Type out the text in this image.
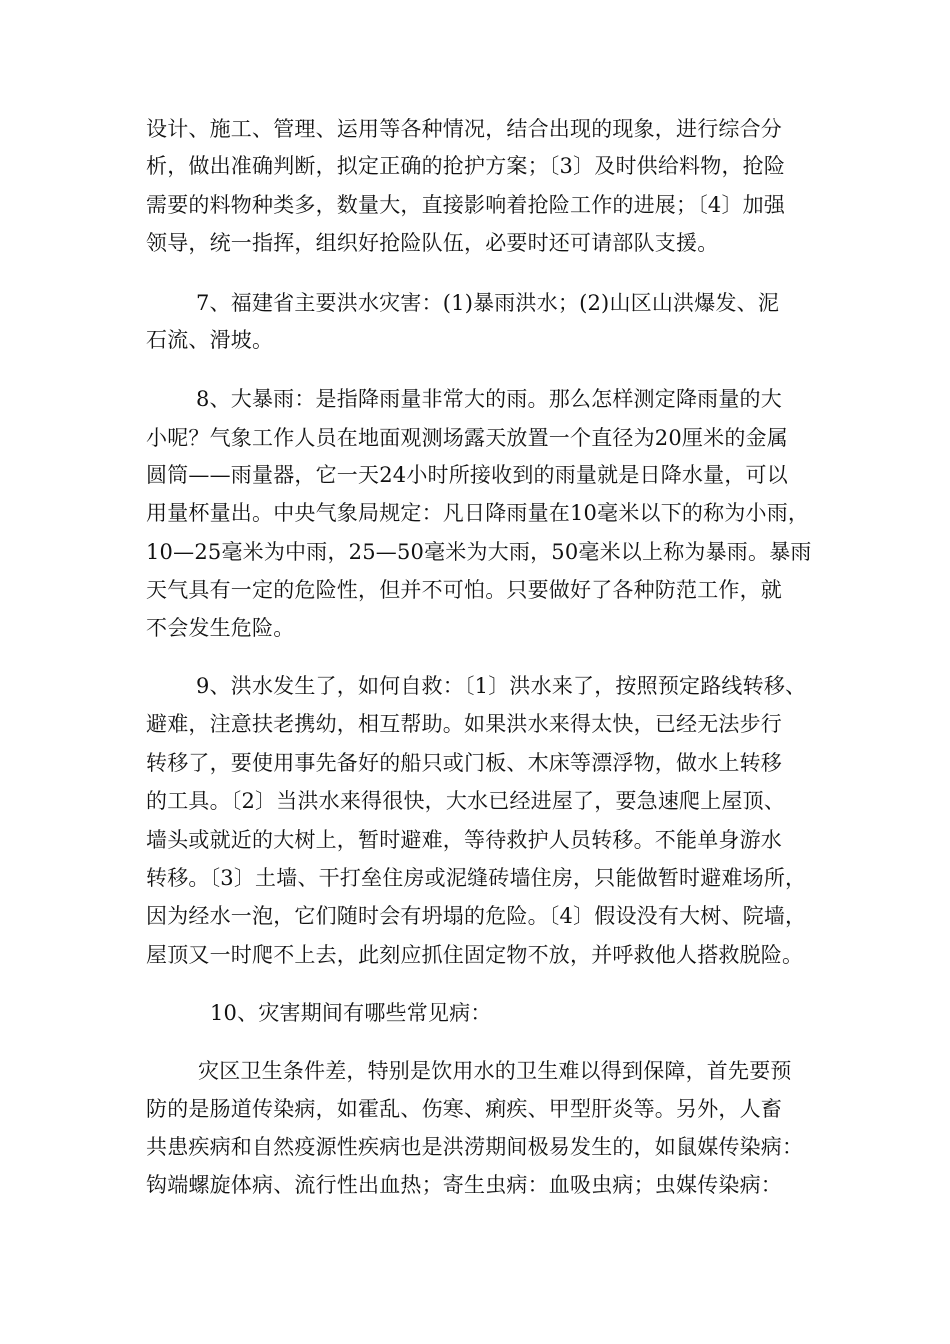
设计、施工、管理、运用等各种情况，结合出现的现象，进行综合分
析，做出准确判断，拟定正确的抢护方案；〔3〕及时供给料物，抢险
需要的料物种类多，数量大，直接影响着抢险工作的进展；〔4〕加强
领导，统一指挥，组织好抢险队伍，必要时还可请部队支援。
7、福建省主要洪水灾害：(1)暴雨洪水；(2)山区山洪爆发、泥
石流、滑坡。
8、大暴雨：是指降雨量非常大的雨。那么怎样测定降雨量的大
小呢？气象工作人员在地面观测场露天放置一个直径为20厘米的金属
圆筒——雨量器，它一天24小时所接收到的雨量就是日降水量，可以
用量杯量出。中央气象局规定：凡日降雨量在10毫米以下的称为小雨，
10—25毫米为中雨，25—50毫米为大雨，50毫米以上称为暴雨。暴雨
天气具有一定的危险性，但并不可怕。只要做好了各种防范工作，就
不会发生危险。
9、洪水发生了，如何自救：〔1〕洪水来了，按照预定路线转移、
避难，注意扶老携幼，相互帮助。如果洪水来得太快，已经无法步行
转移了，要使用事先备好的船只或门板、木床等漂浮物，做水上转移
的工具。〔2〕当洪水来得很快，大水已经进屋了，要急速爬上屋顶、
墙头或就近的大树上，暂时避难，等待救护人员转移。不能单身游水
转移。〔3〕土墙、干打垒住房或泥缝砖墙住房，只能做暂时避难场所，
因为经水一泡，它们随时会有坍塌的危险。〔4〕假设没有大树、院墙，
屋顶又一时爬不上去，此刻应抓住固定物不放，并呼救他人搭救脱险。
10、灾害期间有哪些常见病：
灾区卫生条件差，特别是饮用水的卫生难以得到保障，首先要预
防的是肠道传染病，如霍乱、伤寒、痢疾、甲型肝炎等。另外，人畜
共患疾病和自然疫源性疾病也是洪涝期间极易发生的，如鼠媒传染病：
钩端螺旋体病、流行性出血热；寄生虫病：血吸虫病；虫媒传染病：
